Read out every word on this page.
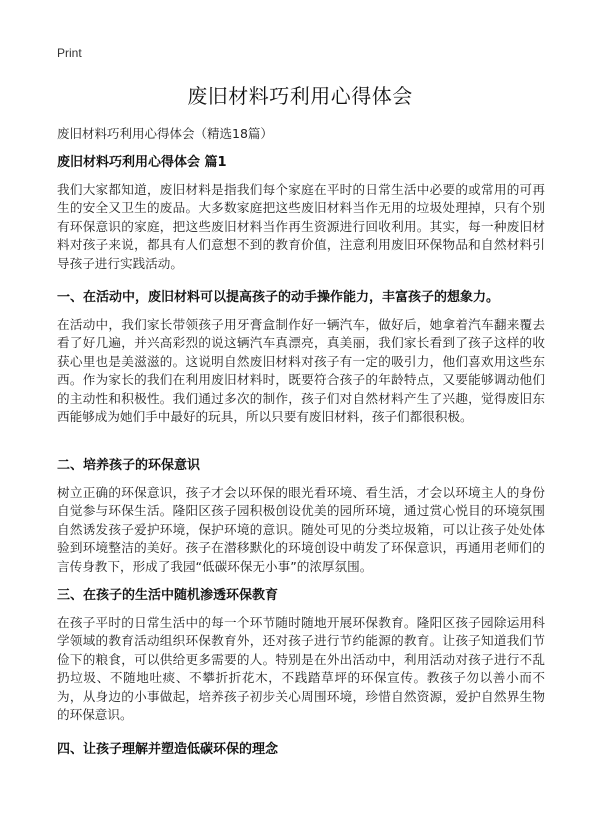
Print
废旧材料巧利用心得体会
废旧材料巧利用心得体会（精选18篇）
废旧材料巧利用心得体会 篇1

我们大家都知道，废旧材料是指我们每个家庭在平时的日常生活中必要的或常用的可再生的安全又卫生的废品。大多数家庭把这些废旧材料当作无用的垃圾处理掉，只有个别有环保意识的家庭，把这些废旧材料当作再生资源进行回收利用。其实，每一种废旧材料对孩子来说，都具有人们意想不到的教育价值，注意利用废旧环保物品和自然材料引导孩子进行实践活动。

一、在活动中，废旧材料可以提高孩子的动手操作能力，丰富孩子的想象力。

在活动中，我们家长带领孩子用牙膏盒制作好一辆汽车，做好后，她拿着汽车翻来覆去看了好几遍，并兴高彩烈的说这辆汽车真漂亮，真美丽，我们家长看到了孩子这样的收获心里也是美滋滋的。这说明自然废旧材料对孩子有一定的吸引力，他们喜欢用这些东西。作为家长的我们在利用废旧材料时，既要符合孩子的年龄特点，又要能够调动他们的主动性和积极性。我们通过多次的制作，孩子们对自然材料产生了兴趣，觉得废旧东西能够成为她们手中最好的玩具，所以只要有废旧材料，孩子们都很积极。

二、培养孩子的环保意识

树立正确的环保意识，孩子才会以环保的眼光看环境、看生活，才会以环境主人的身份自觉参与环保生活。隆阳区孩子园积极创设优美的园所环境，通过赏心悦目的环境氛围自然诱发孩子爱护环境，保护环境的意识。随处可见的分类垃圾箱，可以让孩子处处体验到环境整洁的美好。孩子在潜移默化的环境创设中萌发了环保意识，再通用老师们的言传身教下，形成了我园“低碳环保无小事”的浓厚氛围。

三、在孩子的生活中随机渗透环保教育

在孩子平时的日常生活中的每一个环节随时随地开展环保教育。隆阳区孩子园除运用科学领域的教育活动组织环保教育外，还对孩子进行节约能源的教育。让孩子知道我们节俭下的粮食，可以供给更多需要的人。特别是在外出活动中，利用活动对孩子进行不乱扔垃圾、不随地吐痰、不攀折折花木，不践踏草坪的环保宣传。教孩子勿以善小而不为，从身边的小事做起，培养孩子初步关心周围环境，珍惜自然资源，爱护自然界生物的环保意识。

四、让孩子理解并塑造低碳环保的理念
